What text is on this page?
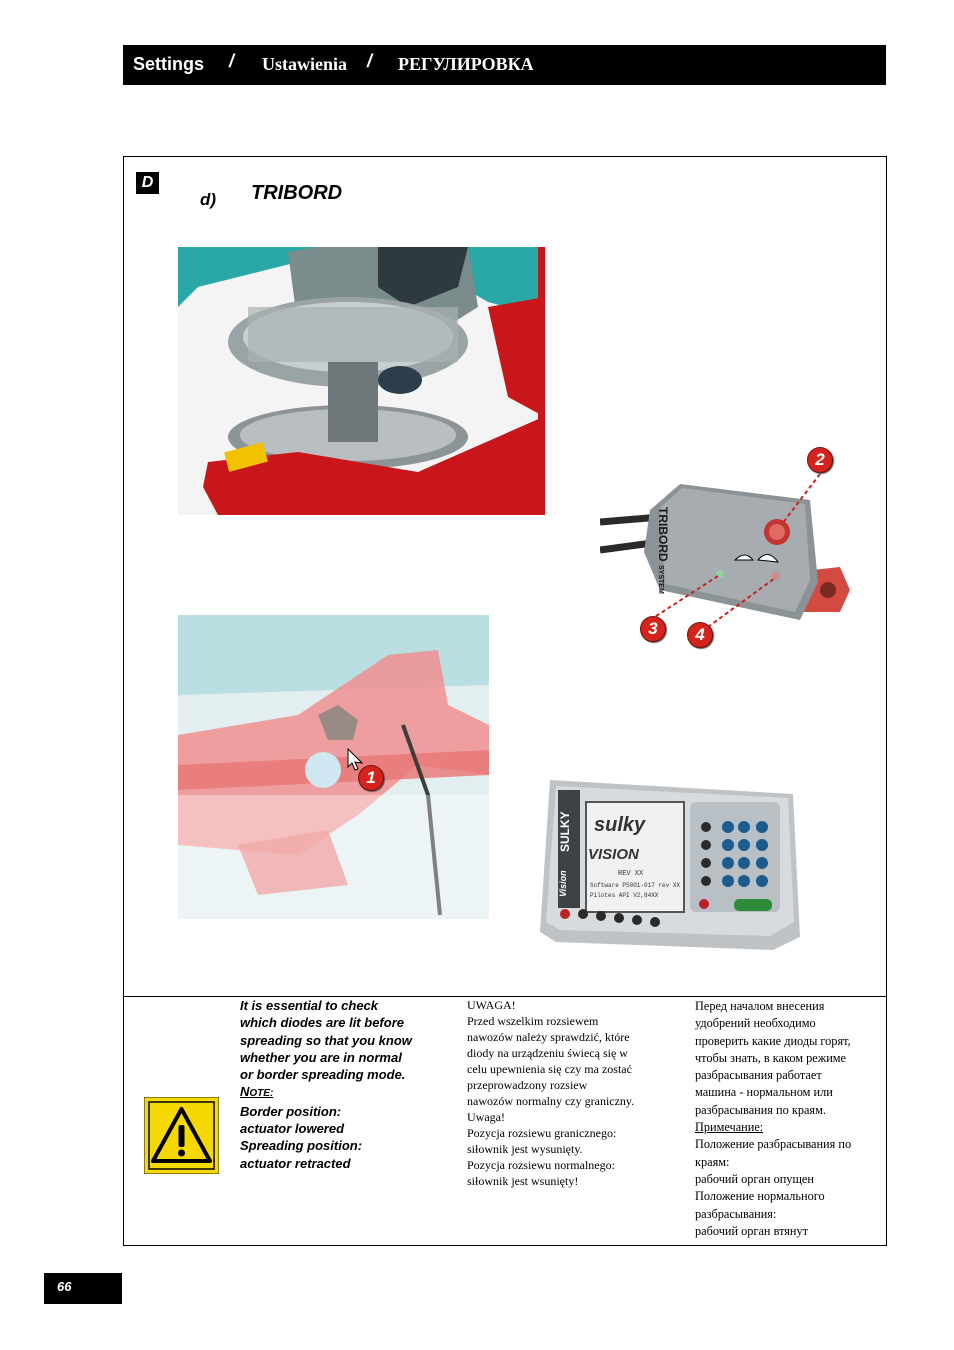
Settings / Ustawienia / РЕГУЛИРОВКА
D
d) TRIBORD
1
TRIBORD SYSTEM
2
3	4
SULKY
Vision
sulky
VISION
REV XX
Software PS001-017 rev XX
Pilotes API V2,84XX
It is essential to check
which diodes are lit before
spreading so that you know
whether you are in normal
or border spreading mode.
NOTE:
Border position:
actuator lowered
Spreading position:
actuator retracted
UWAGA!
Przed wszelkim rozsiewem
nawozów należy sprawdzić, które
diody na urządzeniu świecą się w
celu upewnienia się czy ma zostać
przeprowadzony rozsiew
nawozów normalny czy graniczny.
Uwaga!
Pozycja rozsiewu granicznego:
siłownik jest wysunięty.
Pozycja rozsiewu normalnego:
siłownik jest wsunięty!
Перед началом внесения
удобрений необходимо
проверить какие диоды горят,
чтобы знать, в каком режиме
разбрасывания работает
машина - нормальном или
разбрасывания по краям.
Примечание:
Положение разбрасывания по
краям:
рабочий орган опущен
Положение нормального
разбрасывания:
рабочий орган втянут
66
